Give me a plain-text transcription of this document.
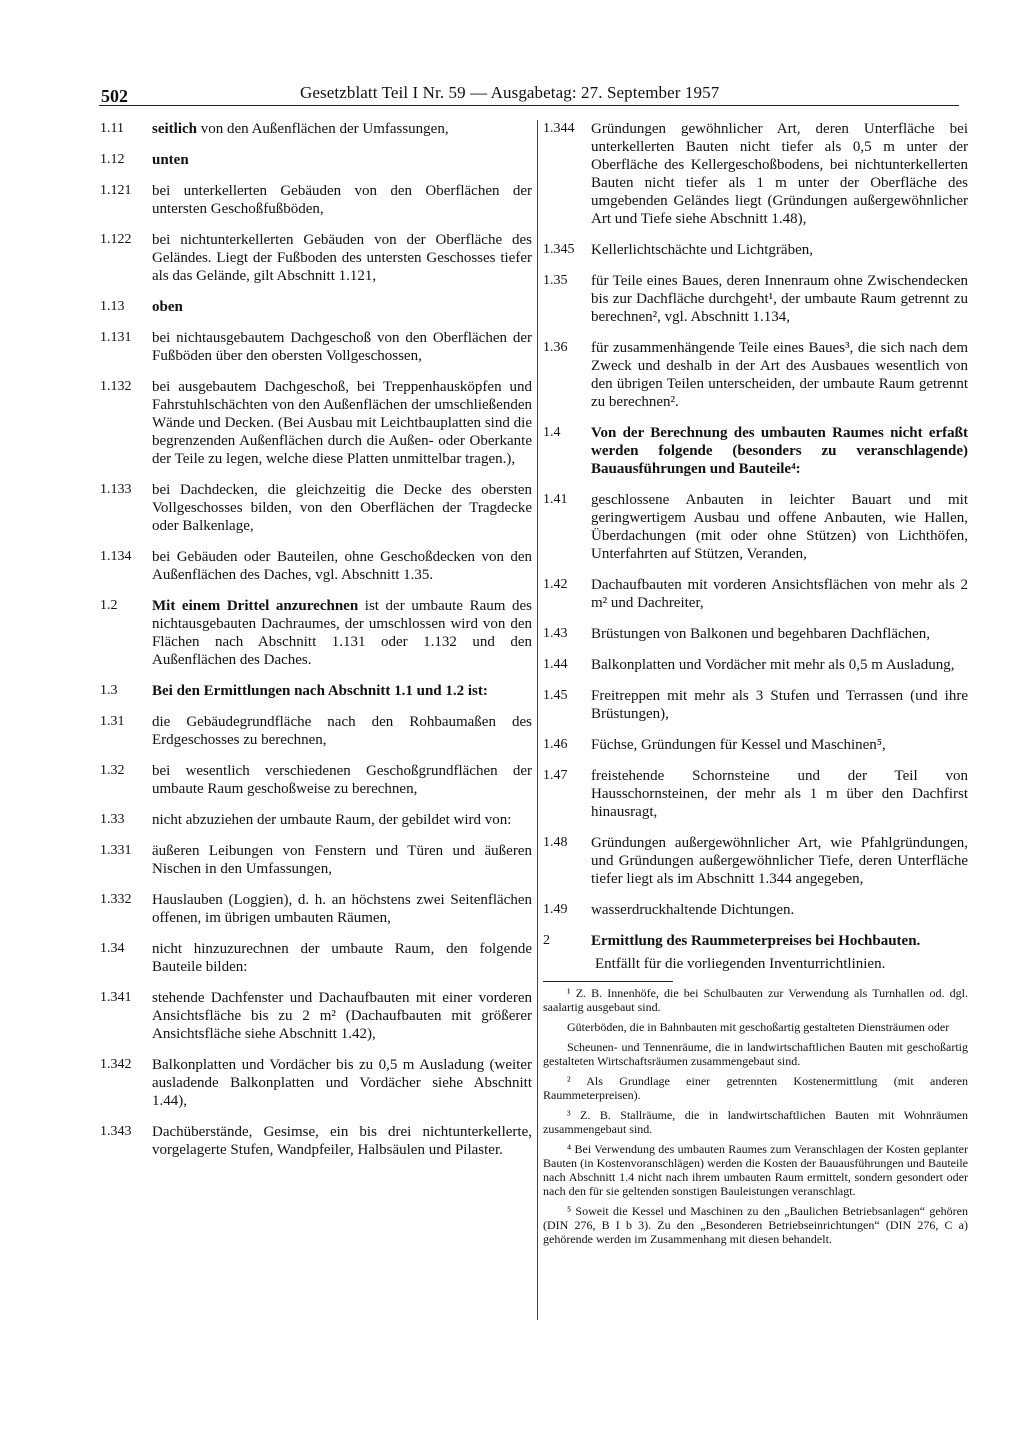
502	Gesetzblatt Teil I Nr. 59 — Ausgabetag: 27. September 1957
1.11	seitlich von den Außenflächen der Umfassungen,
1.12	unten
1.121	bei unterkellerten Gebäuden von den Oberflächen der untersten Geschoßfußböden,
1.122	bei nichtunterkellerten Gebäuden von der Oberfläche des Geländes. Liegt der Fußboden des untersten Geschosses tiefer als das Gelände, gilt Abschnitt 1.121,
1.13	oben
1.131	bei nichtausgebautem Dachgeschoß von den Oberflächen der Fußböden über den obersten Vollgeschossen,
1.132	bei ausgebautem Dachgeschoß, bei Treppenhausköpfen und Fahrstuhlschächten von den Außenflächen der umschließenden Wände und Decken. (Bei Ausbau mit Leichtbauplatten sind die begrenzenden Außenflächen durch die Außen- oder Oberkante der Teile zu legen, welche diese Platten unmittelbar tragen.),
1.133	bei Dachdecken, die gleichzeitig die Decke des obersten Vollgeschosses bilden, von den Oberflächen der Tragdecke oder Balkenlage,
1.134	bei Gebäuden oder Bauteilen, ohne Geschoßdecken von den Außenflächen des Daches, vgl. Abschnitt 1.35.
1.2	Mit einem Drittel anzurechnen ist der umbaute Raum des nichtausgebauten Dachraumes, der umschlossen wird von den Flächen nach Abschnitt 1.131 oder 1.132 und den Außenflächen des Daches.
1.3	Bei den Ermittlungen nach Abschnitt 1.1 und 1.2 ist:
1.31	die Gebäudegrundfläche nach den Rohbaumaßen des Erdgeschosses zu berechnen,
1.32	bei wesentlich verschiedenen Geschoßgrundflächen der umbaute Raum geschoßweise zu berechnen,
1.33	nicht abzuziehen der umbaute Raum, der gebildet wird von:
1.331	äußeren Leibungen von Fenstern und Türen und äußeren Nischen in den Umfassungen,
1.332	Hauslauben (Loggien), d. h. an höchstens zwei Seitenflächen offenen, im übrigen umbauten Räumen,
1.34	nicht hinzuzurechnen der umbaute Raum, den folgende Bauteile bilden:
1.341	stehende Dachfenster und Dachaufbauten mit einer vorderen Ansichtsfläche bis zu 2 m² (Dachaufbauten mit größerer Ansichtsfläche siehe Abschnitt 1.42),
1.342	Balkonplatten und Vordächer bis zu 0,5 m Ausladung (weiter ausladende Balkonplatten und Vordächer siehe Abschnitt 1.44),
1.343	Dachüberstände, Gesimse, ein bis drei nichtunterkellerte, vorgelagerte Stufen, Wandpfeiler, Halbsäulen und Pilaster.
1.344	Gründungen gewöhnlicher Art, deren Unterfläche bei unterkellerten Bauten nicht tiefer als 0,5 m unter der Oberfläche des Kellergeschoßbodens, bei nichtunterkellerten Bauten nicht tiefer als 1 m unter der Oberfläche des umgebenden Geländes liegt (Gründungen außergewöhnlicher Art und Tiefe siehe Abschnitt 1.48),
1.345	Kellerlichtschächte und Lichtgräben,
1.35	für Teile eines Baues, deren Innenraum ohne Zwischendecken bis zur Dachfläche durchgeht¹, der umbaute Raum getrennt zu berechnen², vgl. Abschnitt 1.134,
1.36	für zusammenhängende Teile eines Baues³, die sich nach dem Zweck und deshalb in der Art des Ausbaues wesentlich von den übrigen Teilen unterscheiden, der umbaute Raum getrennt zu berechnen².
1.4	Von der Berechnung des umbauten Raumes nicht erfaßt werden folgende (besonders zu veranschlagende) Bauausführungen und Bauteile⁴:
1.41	geschlossene Anbauten in leichter Bauart und mit geringwertigem Ausbau und offene Anbauten, wie Hallen, Überdachungen (mit oder ohne Stützen) von Lichthöfen, Unterfahrten auf Stützen, Veranden,
1.42	Dachaufbauten mit vorderen Ansichtsflächen von mehr als 2 m² und Dachreiter,
1.43	Brüstungen von Balkonen und begehbaren Dachflächen,
1.44	Balkonplatten und Vordächer mit mehr als 0,5 m Ausladung,
1.45	Freitreppen mit mehr als 3 Stufen und Terrassen (und ihre Brüstungen),
1.46	Füchse, Gründungen für Kessel und Maschinen⁵,
1.47	freistehende Schornsteine und der Teil von Hausschornsteinen, der mehr als 1 m über den Dachfirst hinausragt,
1.48	Gründungen außergewöhnlicher Art, wie Pfahlgründungen, und Gründungen außergewöhnlicher Tiefe, deren Unterfläche tiefer liegt als im Abschnitt 1.344 angegeben,
1.49	wasserdruckhaltende Dichtungen.
2	Ermittlung des Raummeterpreises bei Hochbauten.
Entfällt für die vorliegenden Inventurrichtlinien.
¹ Z. B. Innenhöfe, die bei Schulbauten zur Verwendung als Turnhallen od. dgl. saalartig ausgebaut sind.
Güterböden, die in Bahnbauten mit geschoßartig gestalteten Diensträumen oder
Scheunen- und Tennenräume, die in landwirtschaftlichen Bauten mit geschoßartig gestalteten Wirtschaftsräumen zusammengebaut sind.
² Als Grundlage einer getrennten Kostenermittlung (mit anderen Raummeterpreisen).
³ Z. B. Stallräume, die in landwirtschaftlichen Bauten mit Wohnräumen zusammengebaut sind.
⁴ Bei Verwendung des umbauten Raumes zum Veranschlagen der Kosten geplanter Bauten (in Kostenvoranschlägen) werden die Kosten der Bauausführungen und Bauteile nach Abschnitt 1.4 nicht nach ihrem umbauten Raum ermittelt, sondern gesondert oder nach den für sie geltenden sonstigen Bauleistungen veranschlagt.
⁵ Soweit die Kessel und Maschinen zu den „Baulichen Betriebsanlagen“ gehören (DIN 276, B I b 3). Zu den „Besonderen Betriebseinrichtungen“ (DIN 276, C a) gehörende werden im Zusammenhang mit diesen behandelt.
